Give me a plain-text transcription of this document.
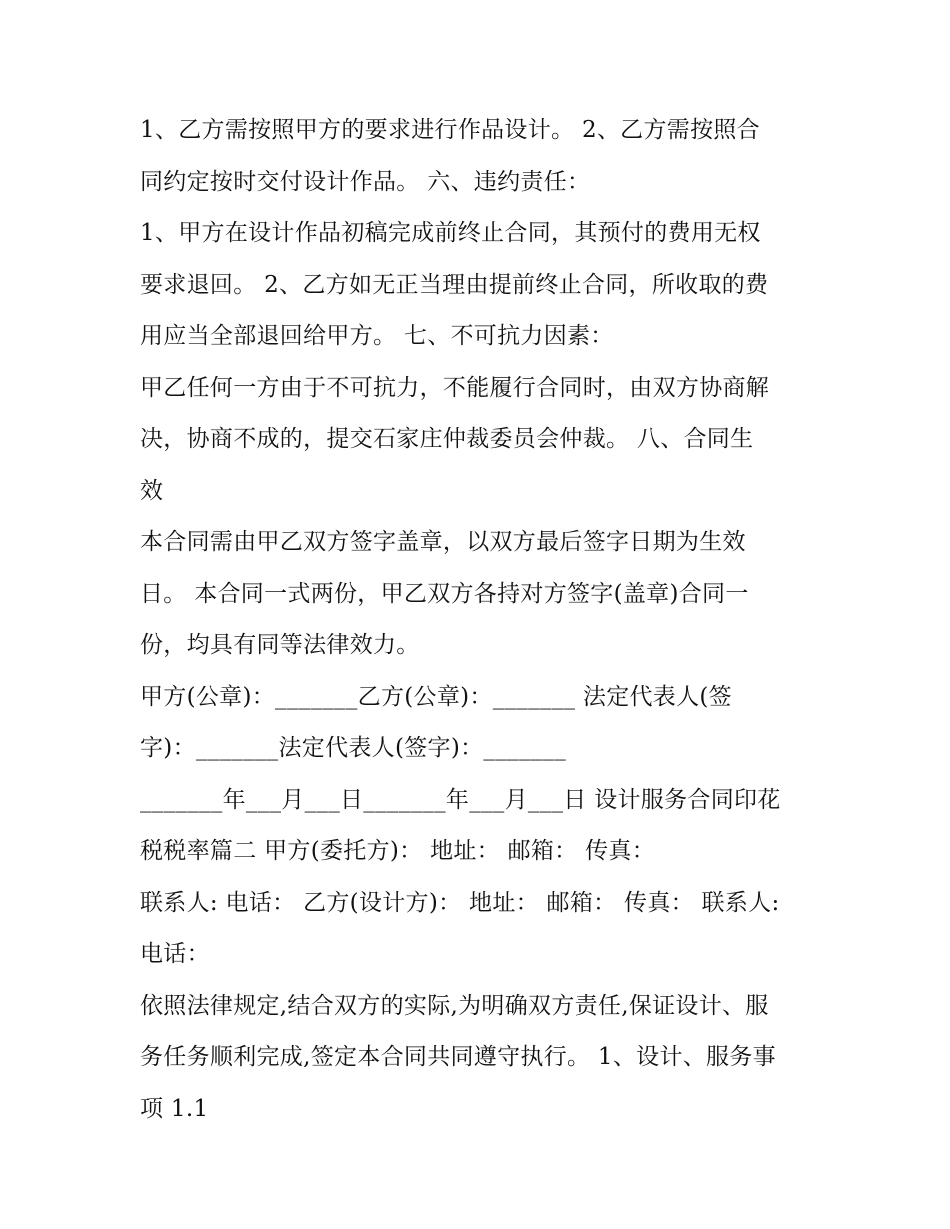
1、乙方需按照甲方的要求进行作品设计。 2、乙方需按照合
同约定按时交付设计作品。 六、违约责任：
1、甲方在设计作品初稿完成前终止合同，其预付的费用无权
要求退回。 2、乙方如无正当理由提前终止合同，所收取的费
用应当全部退回给甲方。 七、不可抗力因素：
甲乙任何一方由于不可抗力，不能履行合同时，由双方协商解
决，协商不成的，提交石家庄仲裁委员会仲裁。 八、合同生
效
本合同需由甲乙双方签字盖章，以双方最后签字日期为生效
日。 本合同一式两份，甲乙双方各持对方签字(盖章)合同一
份，均具有同等法律效力。
甲方(公章)：_______乙方(公章)：_______ 法定代表人(签
字)：_______法定代表人(签字)：_______
_______年___月___日_______年___月___日 设计服务合同印花
税税率篇二 甲方(委托方)： 地址： 邮箱： 传真：
联系人: 电话： 乙方(设计方)： 地址： 邮箱： 传真： 联系人:
电话：
依照法律规定,结合双方的实际,为明确双方责任,保证设计、服
务任务顺利完成,签定本合同共同遵守执行。 1、设计、服务事
项 1.1
